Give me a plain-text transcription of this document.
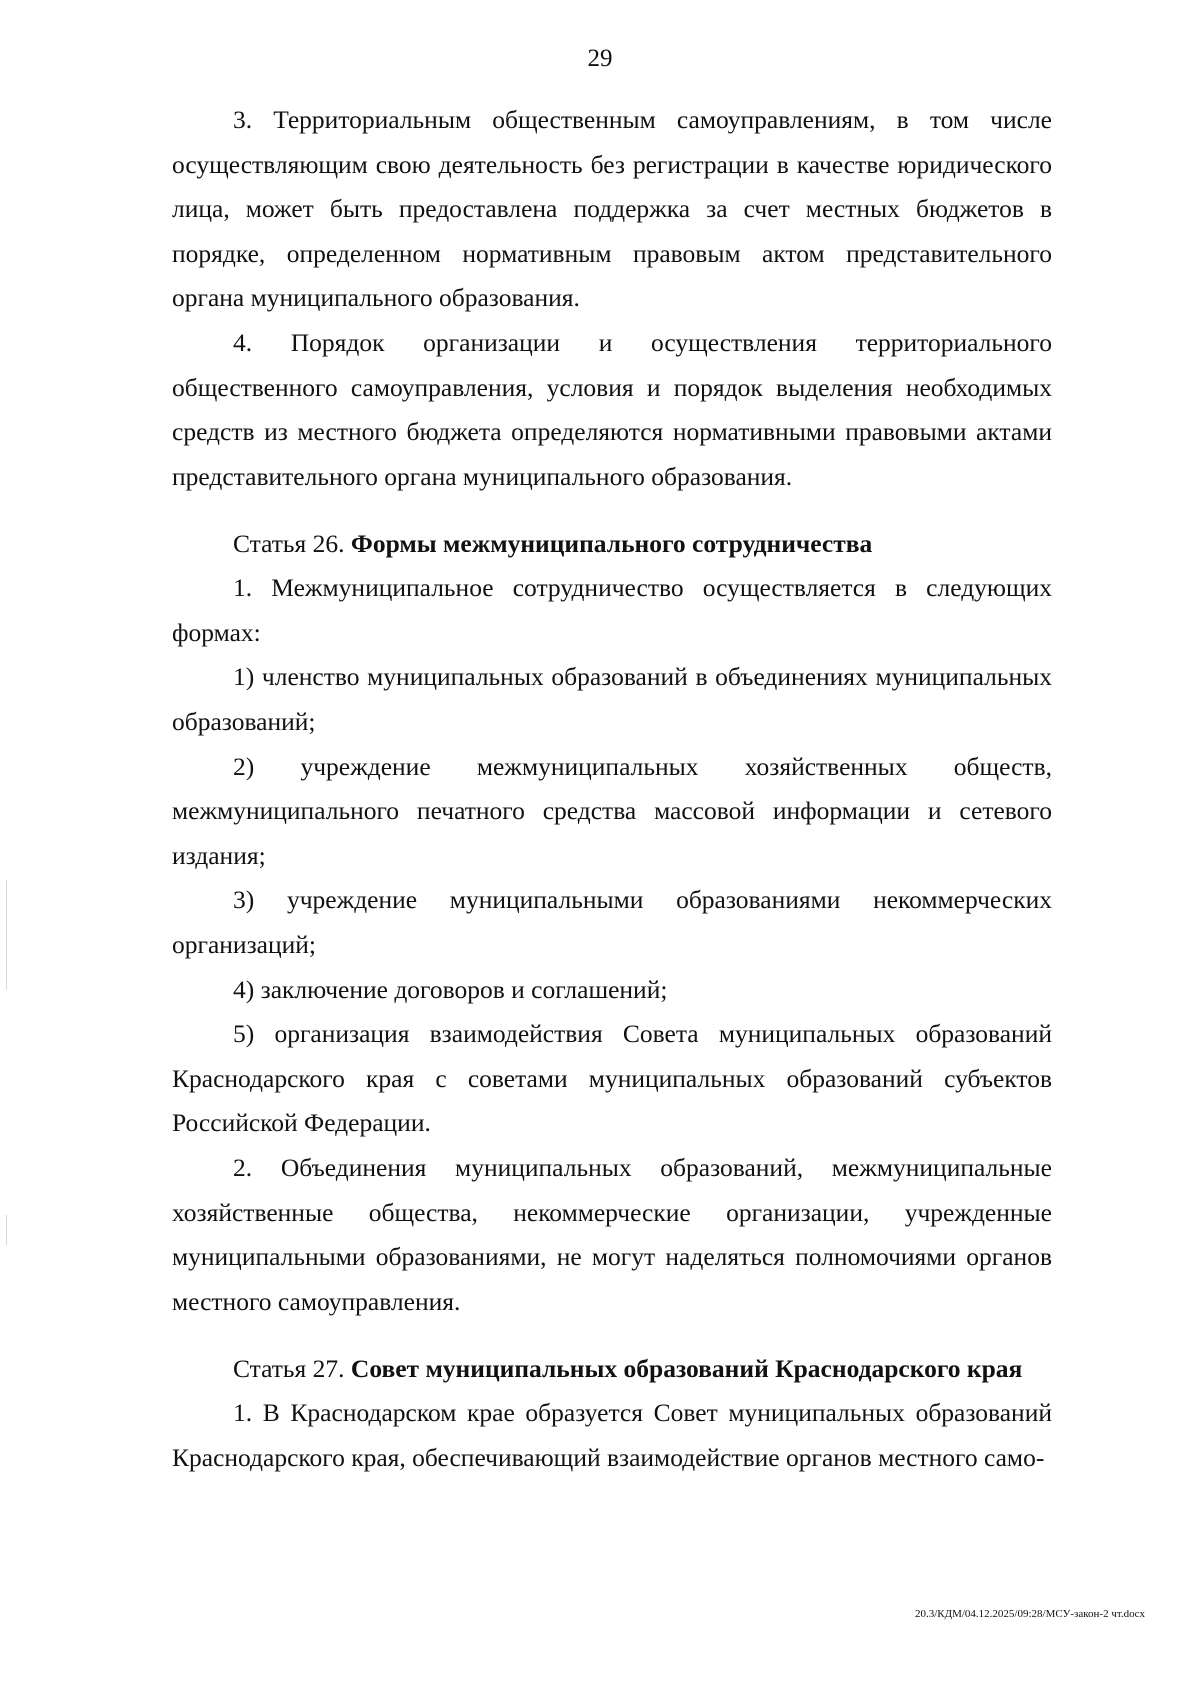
29

3. Территориальным общественным самоуправлениям, в том числе осуществляющим свою деятельность без регистрации в качестве юридического лица, может быть предоставлена поддержка за счет местных бюджетов в порядке, определенном нормативным правовым актом представительного органа муниципального образования.

4. Порядок организации и осуществления территориального общественного самоуправления, условия и порядок выделения необходимых средств из местного бюджета определяются нормативными правовыми актами представительного органа муниципального образования.

Статья 26. Формы межмуниципального сотрудничества

1. Межмуниципальное сотрудничество осуществляется в следующих формах:

1) членство муниципальных образований в объединениях муниципальных образований;

2) учреждение межмуниципальных хозяйственных обществ, межмуниципального печатного средства массовой информации и сетевого издания;

3) учреждение муниципальными образованиями некоммерческих организаций;

4) заключение договоров и соглашений;

5) организация взаимодействия Совета муниципальных образований Краснодарского края с советами муниципальных образований субъектов Российской Федерации.

2. Объединения муниципальных образований, межмуниципальные хозяйственные общества, некоммерческие организации, учрежденные муниципальными образованиями, не могут наделяться полномочиями органов местного самоуправления.

Статья 27. Совет муниципальных образований Краснодарского края

1. В Краснодарском крае образуется Совет муниципальных образований Краснодарского края, обеспечивающий взаимодействие органов местного само-

20.3/КДМ/04.12.2025/09:28/МСУ-закон-2 чт.docx
